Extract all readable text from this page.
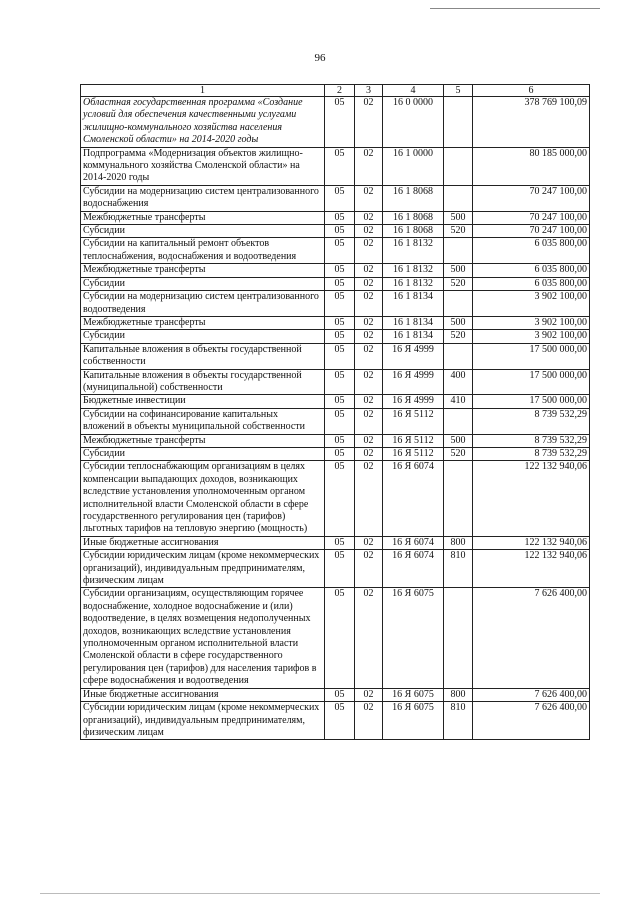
96
1	2	3	4	5	6
Областная государственная программа «Создание условий для обеспечения качественными услугами жилищно-коммунального хозяйства населения Смоленской области» на 2014-2020 годы	05	02	16 0 0000		378 769 100,09
Подпрограмма «Модернизация объектов жилищно-коммунального хозяйства Смоленской области» на 2014-2020 годы	05	02	16 1 0000		80 185 000,00
Субсидии на модернизацию систем централизованного водоснабжения	05	02	16 1 8068		70 247 100,00
Межбюджетные трансферты	05	02	16 1 8068	500	70 247 100,00
Субсидии	05	02	16 1 8068	520	70 247 100,00
Субсидии на капитальный ремонт объектов теплоснабжения, водоснабжения и водоотведения	05	02	16 1 8132		6 035 800,00
Межбюджетные трансферты	05	02	16 1 8132	500	6 035 800,00
Субсидии	05	02	16 1 8132	520	6 035 800,00
Субсидии на модернизацию систем централизованного водоотведения	05	02	16 1 8134		3 902 100,00
Межбюджетные трансферты	05	02	16 1 8134	500	3 902 100,00
Субсидии	05	02	16 1 8134	520	3 902 100,00
Капитальные вложения в объекты государственной собственности	05	02	16 Я 4999		17 500 000,00
Капитальные вложения в объекты государственной (муниципальной) собственности	05	02	16 Я 4999	400	17 500 000,00
Бюджетные инвестиции	05	02	16 Я 4999	410	17 500 000,00
Субсидии на софинансирование капитальных вложений в объекты муниципальной собственности	05	02	16 Я 5112		8 739 532,29
Межбюджетные трансферты	05	02	16 Я 5112	500	8 739 532,29
Субсидии	05	02	16 Я 5112	520	8 739 532,29
Субсидии теплоснабжающим организациям в целях компенсации выпадающих доходов, возникающих вследствие установления уполномоченным органом исполнительной власти Смоленской области в сфере государственного регулирования цен (тарифов) льготных тарифов на тепловую энергию (мощность)	05	02	16 Я 6074		122 132 940,06
Иные бюджетные ассигнования	05	02	16 Я 6074	800	122 132 940,06
Субсидии юридическим лицам (кроме некоммерческих организаций), индивидуальным предпринимателям, физическим лицам	05	02	16 Я 6074	810	122 132 940,06
Субсидии организациям, осуществляющим горячее водоснабжение, холодное водоснабжение и (или) водоотведение, в целях возмещения недополученных доходов, возникающих вследствие установления уполномоченным органом исполнительной власти Смоленской области в сфере государственного регулирования цен (тарифов) для населения тарифов в сфере водоснабжения и водоотведения	05	02	16 Я 6075		7 626 400,00
Иные бюджетные ассигнования	05	02	16 Я 6075	800	7 626 400,00
Субсидии юридическим лицам (кроме некоммерческих организаций), индивидуальным предпринимателям, физическим лицам	05	02	16 Я 6075	810	7 626 400,00
